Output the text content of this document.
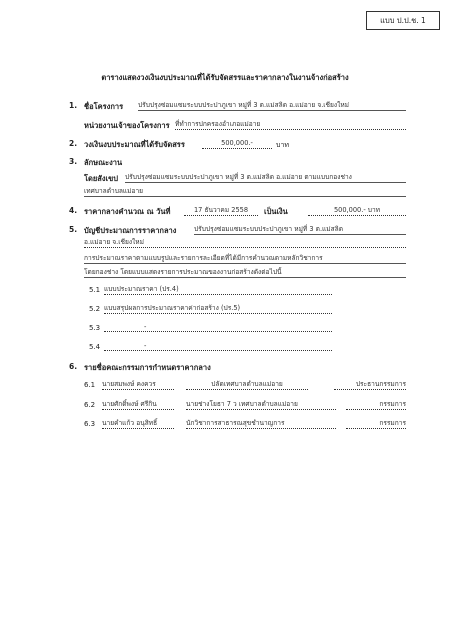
แบบ ป.ป.ช. 1
ตารางแสดงวงเงินงบประมาณที่ได้รับจัดสรรและราคากลางในงานจ้างก่อสร้าง
1. ชื่อโครงการ ปรับปรุงซ่อมแซมระบบประปาภูเขา หมู่ที่ 3 ต.แม่สลิด อ.แม่อาย จ.เชียงใหม่
หน่วยงานเจ้าของโครงการ ที่ทำการปกครองอำเภอแม่อาย
2. วงเงินงบประมาณที่ได้รับจัดสรร	500,000.-	บาท
3. ลักษณะงาน
โดยสังเขป ปรับปรุงซ่อมแซมระบบประปาภูเขา หมู่ที่ 3 ต.แม่สลิด อ.แม่อาย ตามแบบกองช่าง
เทศบาลตำบลแม่อาย
4. ราคากลางคำนวณ ณ วันที่	17 ธันวาคม 2558	เป็นเงิน	500,000.- บาท
5. บัญชีประมาณการราคากลาง	ปรับปรุงซ่อมแซมระบบประปาภูเขา หมู่ที่ 3 ต.แม่สลิด
อ.แม่อาย จ.เชียงใหม่
การประมาณราคาตามแบบรูปและรายการละเอียดที่ได้มีการคำนวณตามหลักวิชาการ
โดยกองช่าง โดยแบบแสดงรายการประมาณของงานก่อสร้างดังต่อไปนี้
5.1 แบบประมาณราคา (ปร.4)
5.2 แบบสรุปผลการประมาณราคาค่าก่อสร้าง (ปร.5)
5.3	-
5.4	-
6. รายชื่อคณะกรรมการกำหนดราคากลาง
6.1 นายสมพงษ์ คงควร	ปลัดเทศบาลตำบลแม่อาย	ประธานกรรมการ
6.2 นายศักดิ์พงษ์ ศรีกิน	นายช่างโยธา 7 ว เทศบาลตำบลแม่อาย	กรรมการ
6.3 นายคำแก้ว อนุสิทธิ์	นักวิชาการสาธารณสุขชำนาญการ	กรรมการ
